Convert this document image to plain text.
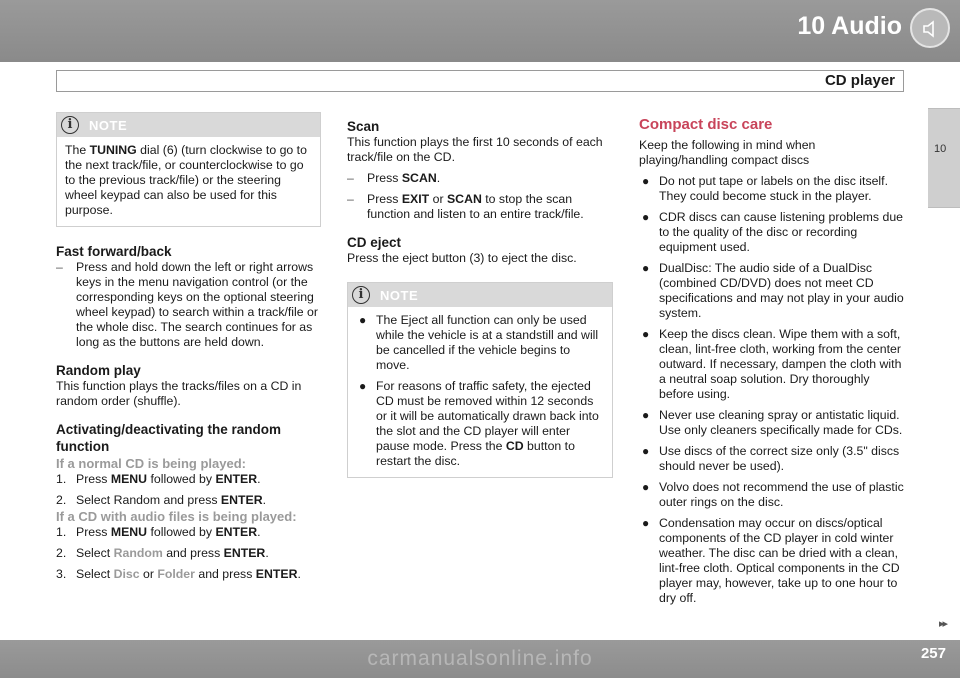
10 Audio
CD player
10
i	NOTE

The TUNING dial (6) (turn clockwise to go to the next track/file, or counterclockwise to go to the previous track/file) or the steering wheel keypad can also be used for this purpose.

Fast forward/back
– Press and hold down the left or right arrows keys in the menu navigation control (or the corresponding keys on the optional steering wheel keypad) to search within a track/file or the whole disc. The search continues for as long as the buttons are held down.
Random play

This function plays the tracks/files on a CD in random order (shuffle).

Activating/deactivating the random function
If a normal CD is being played:
1. Press MENU followed by ENTER.
2. Select Random and press ENTER.
If a CD with audio files is being played:
1. Press MENU followed by ENTER.
2. Select Random and press ENTER.
3. Select Disc or Folder and press ENTER.
Scan

This function plays the first 10 seconds of each track/file on the CD.

– Press SCAN.
– Press EXIT or SCAN to stop the scan function and listen to an entire track/file.
CD eject

Press the eject button (3) to eject the disc.

i	NOTE
● The Eject all function can only be used while the vehicle is at a standstill and will be cancelled if the vehicle begins to move.
● For reasons of traffic safety, the ejected CD must be removed within 12 seconds or it will be automatically drawn back into the slot and the CD player will enter pause mode. Press the CD button to restart the disc.
Compact disc care

Keep the following in mind when playing/handling compact discs

● Do not put tape or labels on the disc itself. They could become stuck in the player.
● CDR discs can cause listening problems due to the quality of the disc or recording equipment used.
● DualDisc: The audio side of a DualDisc (combined CD/DVD) does not meet CD specifications and may not play in your audio system.
● Keep the discs clean. Wipe them with a soft, clean, lint-free cloth, working from the center outward. If necessary, dampen the cloth with a neutral soap solution. Dry thoroughly before using.
● Never use cleaning spray or antistatic liquid. Use only cleaners specifically made for CDs.
● Use discs of the correct size only (3.5" discs should never be used).
● Volvo does not recommend the use of plastic outer rings on the disc.
● Condensation may occur on discs/optical components of the CD player in cold winter weather. The disc can be dried with a clean, lint-free cloth. Optical components in the CD player may, however, take up to one hour to dry off.
▸▸
carmanualsonline.info	257
